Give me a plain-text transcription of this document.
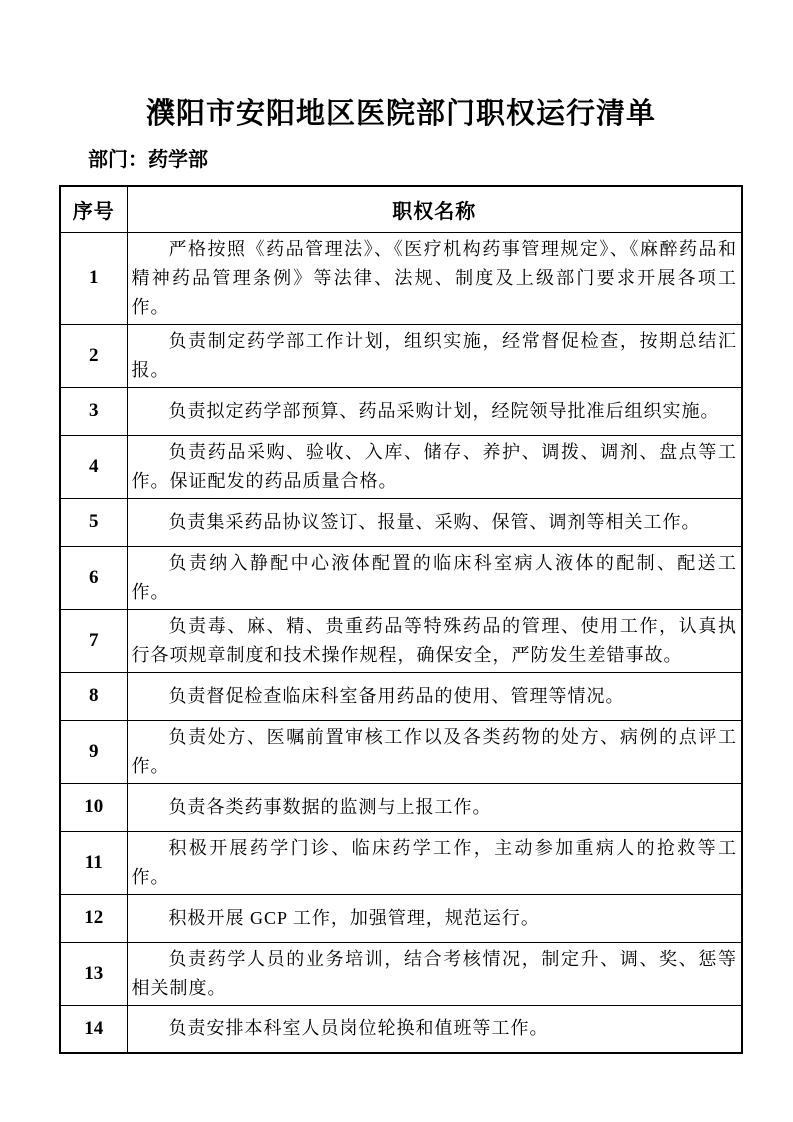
濮阳市安阳地区医院部门职权运行清单
部门：药学部
序号	职权名称
1	严格按照《药品管理法》、《医疗机构药事管理规定》、《麻醉药品和精神药品管理条例》等法律、法规、制度及上级部门要求开展各项工作。
2	负责制定药学部工作计划，组织实施，经常督促检查，按期总结汇报。
3	负责拟定药学部预算、药品采购计划，经院领导批准后组织实施。
4	负责药品采购、验收、入库、储存、养护、调拨、调剂、盘点等工作。保证配发的药品质量合格。
5	负责集采药品协议签订、报量、采购、保管、调剂等相关工作。
6	负责纳入静配中心液体配置的临床科室病人液体的配制、配送工作。
7	负责毒、麻、精、贵重药品等特殊药品的管理、使用工作，认真执行各项规章制度和技术操作规程，确保安全，严防发生差错事故。
8	负责督促检查临床科室备用药品的使用、管理等情况。
9	负责处方、医嘱前置审核工作以及各类药物的处方、病例的点评工作。
10	负责各类药事数据的监测与上报工作。
11	积极开展药学门诊、临床药学工作，主动参加重病人的抢救等工作。
12	积极开展 GCP 工作，加强管理，规范运行。
13	负责药学人员的业务培训，结合考核情况，制定升、调、奖、惩等相关制度。
14	负责安排本科室人员岗位轮换和值班等工作。
